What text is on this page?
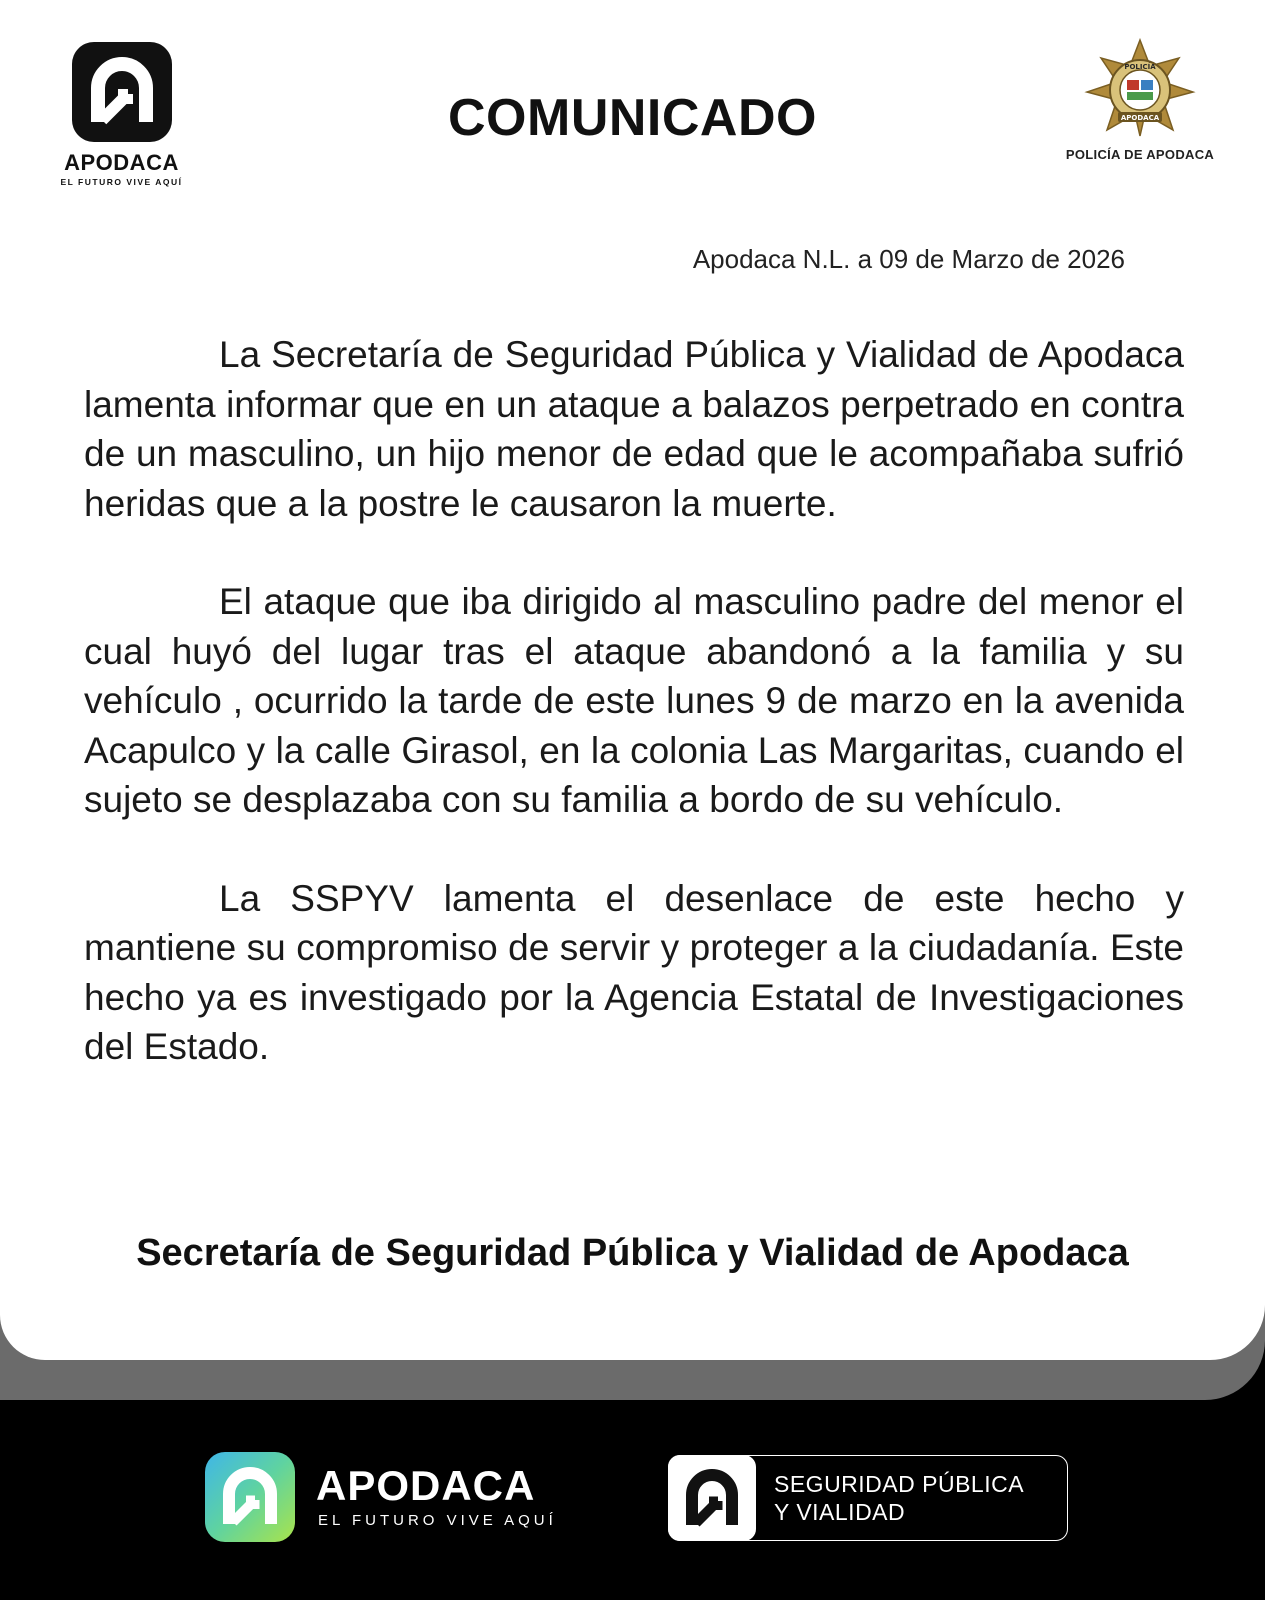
APODACA
EL FUTURO VIVE AQUÍ
COMUNICADO
POLICÍA
APODACA
POLICÍA DE APODACA
Apodaca N.L. a 09 de Marzo de 2026

La Secretaría de Seguridad Pública y Vialidad de Apodaca lamenta informar que en un ataque a balazos perpetrado en contra de un masculino, un hijo menor de edad que le acompañaba sufrió heridas que a la postre le causaron la muerte.

El ataque que iba dirigido al masculino padre del menor el cual huyó del lugar tras el ataque abandonó a la familia y su vehículo , ocurrido la tarde de este lunes 9 de marzo en la avenida Acapulco y la calle Girasol, en la colonia Las Margaritas, cuando el sujeto se desplazaba con su familia a bordo de su vehículo.

La SSPYV lamenta el desenlace de este hecho y mantiene su compromiso de servir y proteger a la ciudadanía. Este hecho ya es investigado por la Agencia Estatal de Investigaciones del Estado.

Secretaría de Seguridad Pública y Vialidad de Apodaca
APODACA
EL FUTURO VIVE AQUÍ
SEGURIDAD PÚBLICA
Y VIALIDAD
